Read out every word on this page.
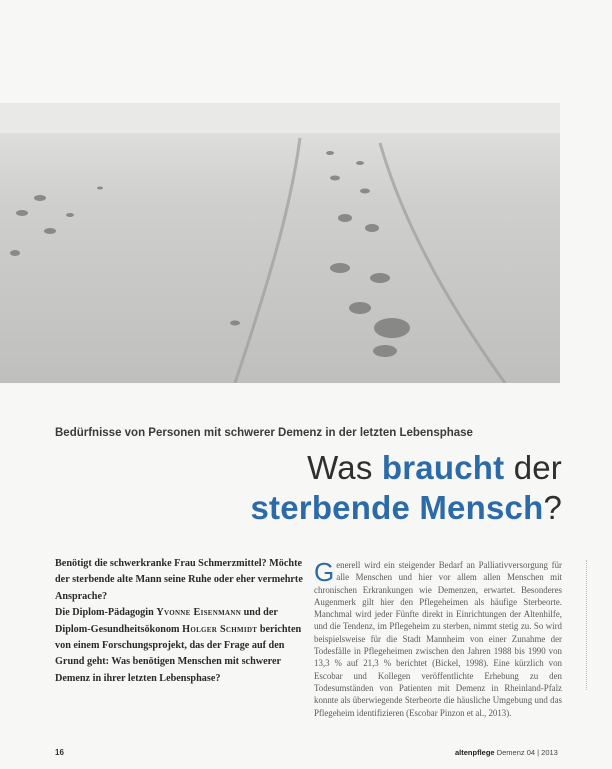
Bedürfnisse von Personen mit schwerer Demenz in der letzten Lebensphase
Was braucht der
sterbende Mensch?
Benötigt die schwerkranke Frau Schmerzmittel? Möchte der sterbende alte Mann seine Ruhe oder eher vermehrte Ansprache?
Die Diplom-Pädagogin Yvonne Eisenmann und der Diplom-Gesundheitsökonom Holger Schmidt berichten von einem Forschungsprojekt, das der Frage auf den Grund geht: Was benötigen Menschen mit schwerer Demenz in ihrer letzten Lebensphase?
Generell wird ein steigender Bedarf an Palliativversorgung für alle Menschen und hier vor allem allen Menschen mit chronischen Erkrankungen wie Demenzen, erwartet. Besonderes Augenmerk gilt hier den Pflegeheimen als häufige Sterbeorte. Manchmal wird jeder Fünfte direkt in Einrichtungen der Altenhilfe, und die Tendenz, im Pflegeheim zu sterben, nimmt stetig zu. So wird beispielsweise für die Stadt Mannheim von einer Zunahme der Todesfälle in Pflegeheimen zwischen den Jahren 1988 bis 1990 von 13,3 % auf 21,3 % berichtet (Bickel, 1998). Eine kürzlich von Escobar und Kollegen veröffentlichte Erhebung zu den Todesumständen von Patienten mit Demenz in Rheinland-Pfalz konnte als überwiegende Sterbeorte die häusliche Umgebung und das Pflegeheim identifizieren (Escobar Pinzon et al., 2013).
16	altenpflege Demenz 04 | 2013
